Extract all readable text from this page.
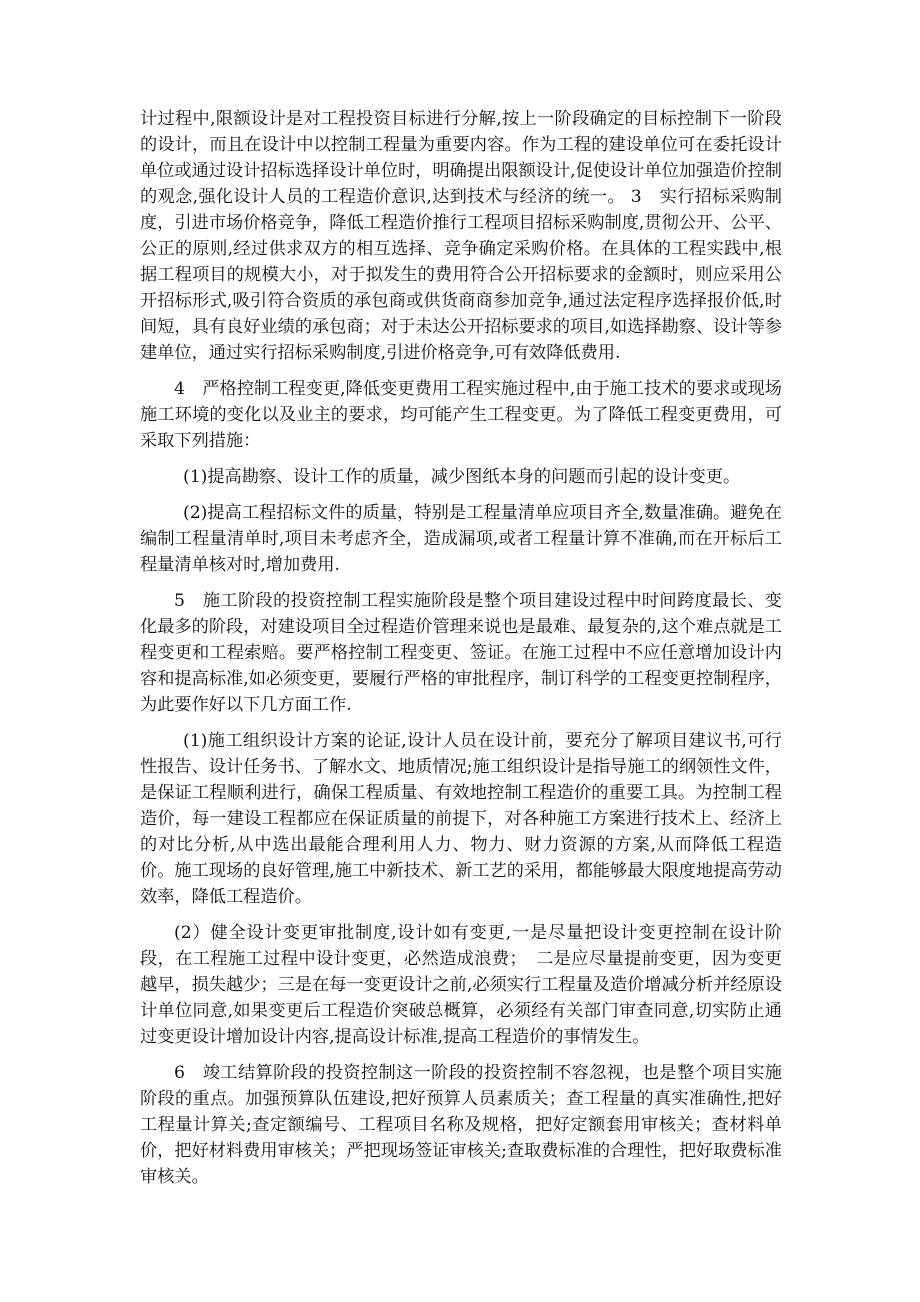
计过程中,限额设计是对工程投资目标进行分解,按上一阶段确定的目标控制下一阶段的设计，而且在设计中以控制工程量为重要内容。作为工程的建设单位可在委托设计单位或通过设计招标选择设计单位时，明确提出限额设计,促使设计单位加强造价控制的观念,强化设计人员的工程造价意识,达到技术与经济的统一。 3　实行招标采购制度，引进市场价格竞争，降低工程造价推行工程项目招标采购制度,贯彻公开、公平、公正的原则,经过供求双方的相互选择、竞争确定采购价格。在具体的工程实践中,根据工程项目的规模大小，对于拟发生的费用符合公开招标要求的金额时，则应采用公开招标形式,吸引符合资质的承包商或供货商商参加竞争,通过法定程序选择报价低,时间短，具有良好业绩的承包商；对于未达公开招标要求的项目,如选择勘察、设计等参建单位，通过实行招标采购制度,引进价格竞争,可有效降低费用.

4　严格控制工程变更,降低变更费用工程实施过程中,由于施工技术的要求或现场施工环境的变化以及业主的要求，均可能产生工程变更。为了降低工程变更费用，可采取下列措施：

(1)提高勘察、设计工作的质量，减少图纸本身的问题而引起的设计变更。

(2)提高工程招标文件的质量，特别是工程量清单应项目齐全,数量准确。避免在编制工程量清单时,项目未考虑齐全，造成漏项,或者工程量计算不准确,而在开标后工程量清单核对时,增加费用.

5　施工阶段的投资控制工程实施阶段是整个项目建设过程中时间跨度最长、变化最多的阶段，对建设项目全过程造价管理来说也是最难、最复杂的,这个难点就是工程变更和工程索赔。要严格控制工程变更、签证。在施工过程中不应任意增加设计内容和提高标准,如必须变更，要履行严格的审批程序，制订科学的工程变更控制程序，为此要作好以下几方面工作.

(1)施工组织设计方案的论证,设计人员在设计前，要充分了解项目建议书,可行性报告、设计任务书、了解水文、地质情况;施工组织设计是指导施工的纲领性文件，是保证工程顺利进行，确保工程质量、有效地控制工程造价的重要工具。为控制工程造价，每一建设工程都应在保证质量的前提下，对各种施工方案进行技术上、经济上的对比分析,从中选出最能合理利用人力、物力、财力资源的方案,从而降低工程造价。施工现场的良好管理,施工中新技术、新工艺的采用，都能够最大限度地提高劳动效率，降低工程造价。

(2）健全设计变更审批制度,设计如有变更,一是尽量把设计变更控制在设计阶段，在工程施工过程中设计变更，必然造成浪费；　二是应尽量提前变更，因为变更越早，损失越少；三是在每一变更设计之前,必须实行工程量及造价增减分析并经原设计单位同意,如果变更后工程造价突破总概算，必须经有关部门审查同意,切实防止通过变更设计增加设计内容,提高设计标准,提高工程造价的事情发生。

6　竣工结算阶段的投资控制这一阶段的投资控制不容忽视，也是整个项目实施阶段的重点。加强预算队伍建设,把好预算人员素质关；查工程量的真实准确性,把好工程量计算关;查定额编号、工程项目名称及规格，把好定额套用审核关；查材料单价，把好材料费用审核关；严把现场签证审核关;查取费标准的合理性，把好取费标准审核关。
